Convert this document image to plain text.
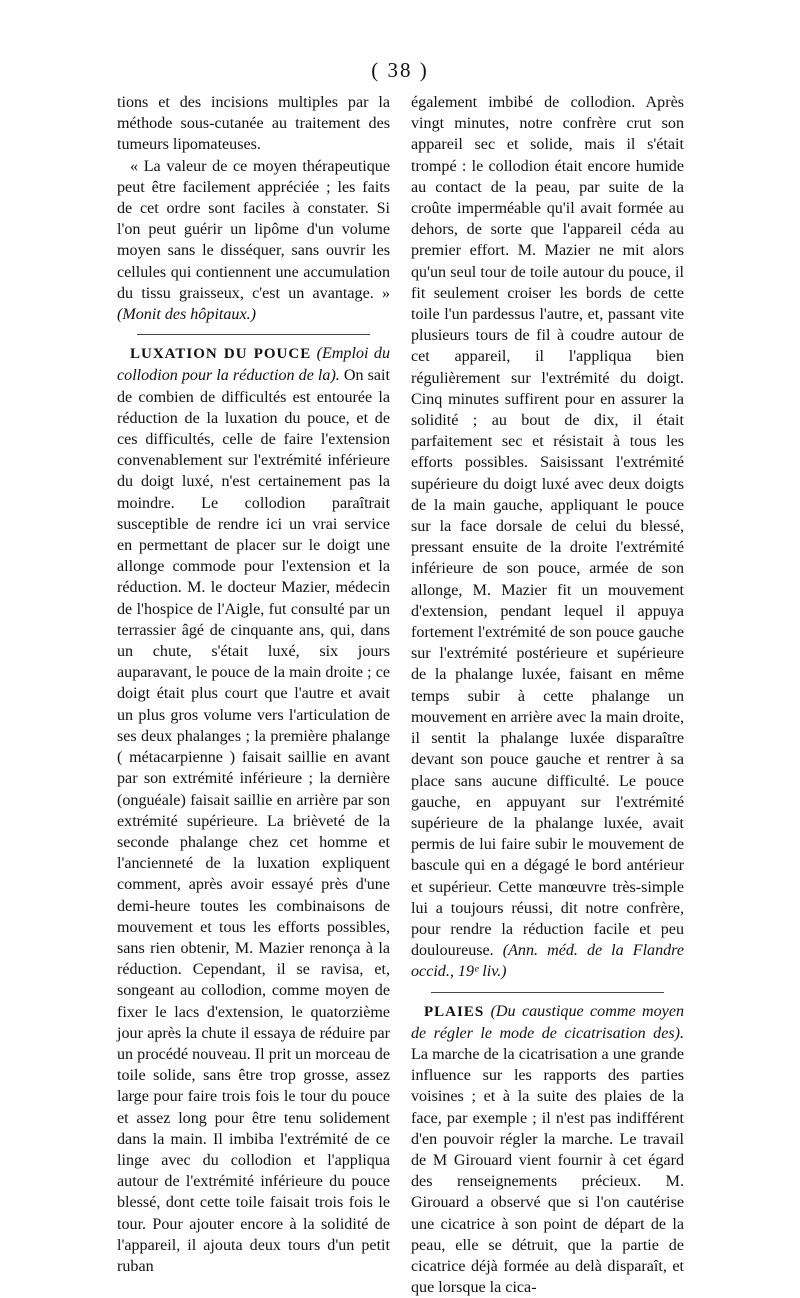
( 38 )

tions et des incisions multiples par la méthode sous-cutanée au traitement des tumeurs lipomateuses.

« La valeur de ce moyen thérapeutique peut être facilement appréciée ; les faits de cet ordre sont faciles à constater. Si l'on peut guérir un lipôme d'un volume moyen sans le disséquer, sans ouvrir les cellules qui contiennent une accumulation du tissu graisseux, c'est un avantage. » (Monit des hôpitaux.)

LUXATION DU POUCE (Emploi du collodion pour la réduction de la). On sait de combien de difficultés est entourée la réduction de la luxation du pouce, et de ces difficultés, celle de faire l'extension convenablement sur l'extrémité inférieure du doigt luxé, n'est certainement pas la moindre. Le collodion paraîtrait susceptible de rendre ici un vrai service en permettant de placer sur le doigt une allonge commode pour l'extension et la réduction. M. le docteur Mazier, médecin de l'hospice de l'Aigle, fut consulté par un terrassier âgé de cinquante ans, qui, dans un chute, s'était luxé, six jours auparavant, le pouce de la main droite ; ce doigt était plus court que l'autre et avait un plus gros volume vers l'articulation de ses deux phalanges ; la première phalange ( métacarpienne ) faisait saillie en avant par son extrémité inférieure ; la dernière (onguéale) faisait saillie en arrière par son extrémité supérieure. La brièveté de la seconde phalange chez cet homme et l'ancienneté de la luxation expliquent comment, après avoir essayé près d'une demi-heure toutes les combinaisons de mouvement et tous les efforts possibles, sans rien obtenir, M. Mazier renonça à la réduction. Cependant, il se ravisa, et, songeant au collodion, comme moyen de fixer le lacs d'extension, le quatorzième jour après la chute il essaya de réduire par un procédé nouveau. Il prit un morceau de toile solide, sans être trop grosse, assez large pour faire trois fois le tour du pouce et assez long pour être tenu solidement dans la main. Il imbiba l'extrémité de ce linge avec du collodion et l'appliqua autour de l'extrémité inférieure du pouce blessé, dont cette toile faisait trois fois le tour. Pour ajouter encore à la solidité de l'appareil, il ajouta deux tours d'un petit ruban

également imbibé de collodion. Après vingt minutes, notre confrère crut son appareil sec et solide, mais il s'était trompé : le collodion était encore humide au contact de la peau, par suite de la croûte imperméable qu'il avait formée au dehors, de sorte que l'appareil céda au premier effort. M. Mazier ne mit alors qu'un seul tour de toile autour du pouce, il fit seulement croiser les bords de cette toile l'un pardessus l'autre, et, passant vite plusieurs tours de fil à coudre autour de cet appareil, il l'appliqua bien régulièrement sur l'extrémité du doigt. Cinq minutes suffirent pour en assurer la solidité ; au bout de dix, il était parfaitement sec et résistait à tous les efforts possibles. Saisissant l'extrémité supérieure du doigt luxé avec deux doigts de la main gauche, appliquant le pouce sur la face dorsale de celui du blessé, pressant ensuite de la droite l'extrémité inférieure de son pouce, armée de son allonge, M. Mazier fit un mouvement d'extension, pendant lequel il appuya fortement l'extrémité de son pouce gauche sur l'extrémité postérieure et supérieure de la phalange luxée, faisant en même temps subir à cette phalange un mouvement en arrière avec la main droite, il sentit la phalange luxée disparaître devant son pouce gauche et rentrer à sa place sans aucune difficulté. Le pouce gauche, en appuyant sur l'extrémité supérieure de la phalange luxée, avait permis de lui faire subir le mouvement de bascule qui en a dégagé le bord antérieur et supérieur. Cette manœuvre très-simple lui a toujours réussi, dit notre confrère, pour rendre la réduction facile et peu douloureuse. (Ann. méd. de la Flandre occid., 19ᵉ liv.)

PLAIES (Du caustique comme moyen de régler le mode de cicatrisation des). La marche de la cicatrisation a une grande influence sur les rapports des parties voisines ; et à la suite des plaies de la face, par exemple ; il n'est pas indifférent d'en pouvoir régler la marche. Le travail de M Girouard vient fournir à cet égard des renseignements précieux. M. Girouard a observé que si l'on cautérise une cicatrice à son point de départ de la peau, elle se détruit, que la partie de cicatrice déjà formée au delà disparaît, et que lorsque la cica-
